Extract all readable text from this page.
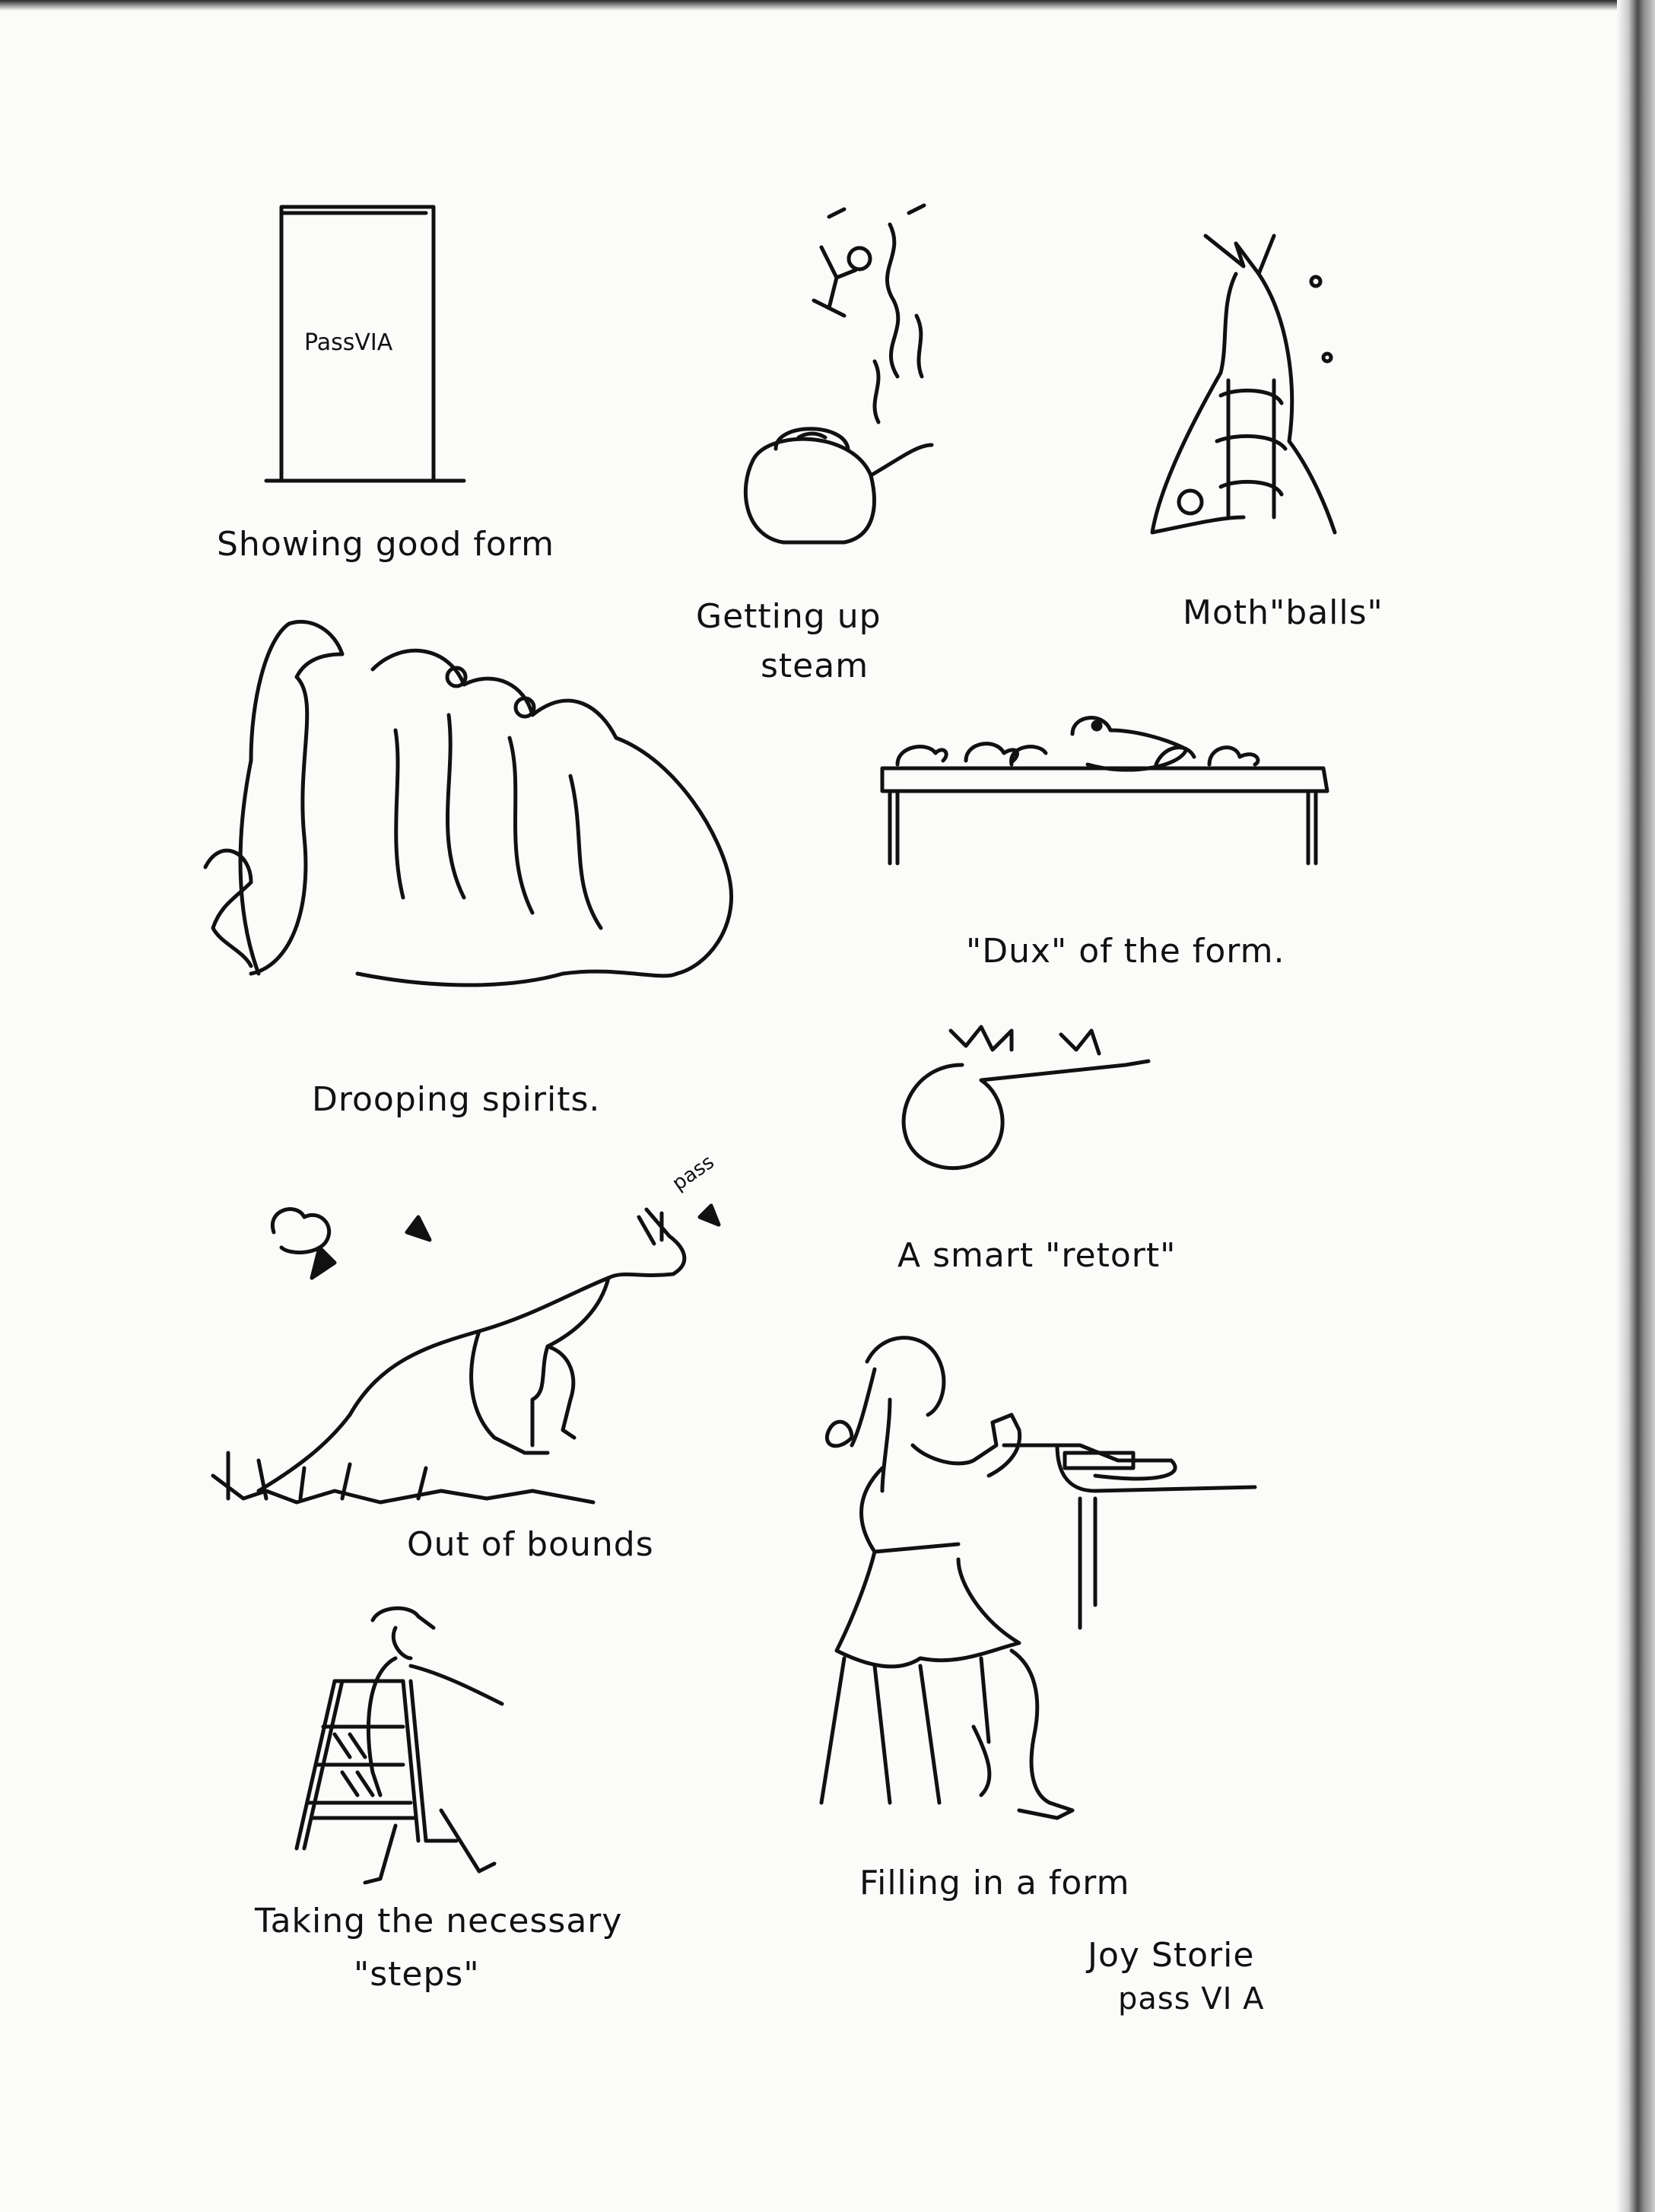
PassVIA
Showing good form
Getting up
steam
Moth"balls"
Drooping spirits.
"Dux" of the form.
A smart "retort"
pass
Out of bounds
Taking the necessary
"steps"
Filling in a form
Joy Storie
pass VI A
